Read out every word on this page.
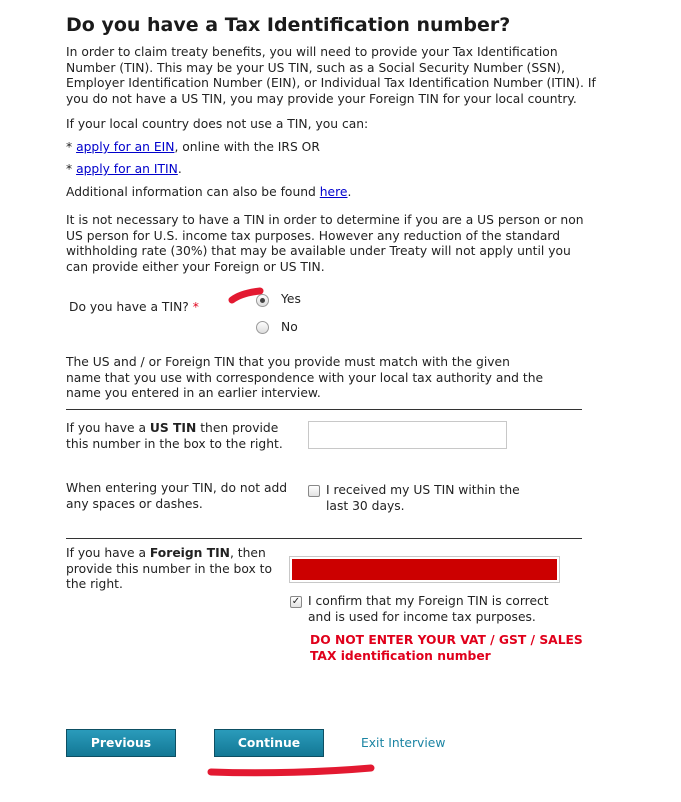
Do you have a Tax Identification number?
In order to claim treaty benefits, you will need to provide your Tax Identification
Number (TIN). This may be your US TIN, such as a Social Security Number (SSN),
Employer Identification Number (EIN), or Individual Tax Identification Number (ITIN). If
you do not have a US TIN, you may provide your Foreign TIN for your local country.
If your local country does not use a TIN, you can:
* apply for an EIN, online with the IRS OR
* apply for an ITIN.
Additional information can also be found here.
It is not necessary to have a TIN in order to determine if you are a US person or non
US person for U.S. income tax purposes. However any reduction of the standard
withholding rate (30%) that may be available under Treaty will not apply until you
can provide either your Foreign or US TIN.
Do you have a TIN? *
Yes
No
The US and / or Foreign TIN that you provide must match with the given
name that you use with correspondence with your local tax authority and the
name you entered in an earlier interview.
If you have a US TIN then provide
this number in the box to the right.
When entering your TIN, do not add
any spaces or dashes.
I received my US TIN within the
last 30 days.
If you have a Foreign TIN, then
provide this number in the box to
the right.
✓ I confirm that my Foreign TIN is correct
and is used for income tax purposes.
DO NOT ENTER YOUR VAT / GST / SALES
TAX identification number
Previous	Continue	Exit Interview
